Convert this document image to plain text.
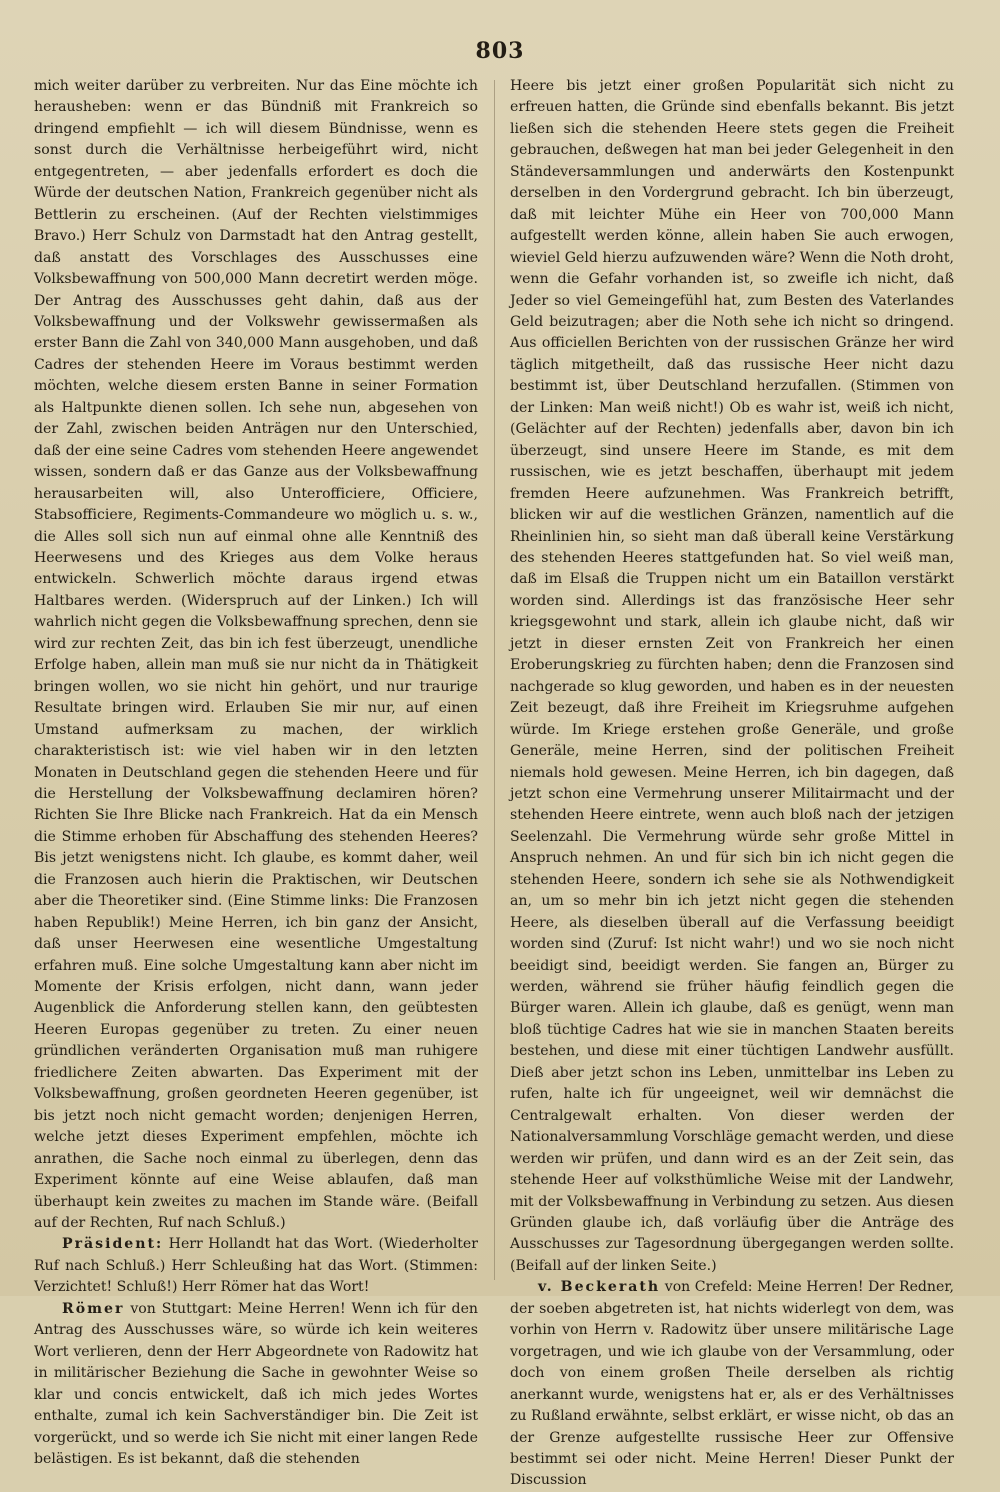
803

mich weiter darüber zu verbreiten. Nur das Eine möchte ich herausheben: wenn er das Bündniß mit Frankreich so dringend empfiehlt — ich will diesem Bündnisse, wenn es sonst durch die Verhältnisse herbeigeführt wird, nicht entgegentreten, — aber jedenfalls erfordert es doch die Würde der deutschen Nation, Frankreich gegenüber nicht als Bettlerin zu erscheinen. (Auf der Rechten vielstimmiges Bravo.) Herr Schulz von Darmstadt hat den Antrag gestellt, daß anstatt des Vorschlages des Ausschusses eine Volksbewaffnung von 500,000 Mann decretirt werden möge. Der Antrag des Ausschusses geht dahin, daß aus der Volksbewaffnung und der Volkswehr gewissermaßen als erster Bann die Zahl von 340,000 Mann ausgehoben, und daß Cadres der stehenden Heere im Voraus bestimmt werden möchten, welche diesem ersten Banne in seiner Formation als Haltpunkte dienen sollen. Ich sehe nun, abgesehen von der Zahl, zwischen beiden Anträgen nur den Unterschied, daß der eine seine Cadres vom stehenden Heere angewendet wissen, sondern daß er das Ganze aus der Volksbewaffnung herausarbeiten will, also Unterofficiere, Officiere, Stabsofficiere, Regiments-Commandeure wo möglich u. s. w., die Alles soll sich nun auf einmal ohne alle Kenntniß des Heerwesens und des Krieges aus dem Volke heraus entwickeln. Schwerlich möchte daraus irgend etwas Haltbares werden. (Widerspruch auf der Linken.) Ich will wahrlich nicht gegen die Volksbewaffnung sprechen, denn sie wird zur rechten Zeit, das bin ich fest überzeugt, unendliche Erfolge haben, allein man muß sie nur nicht da in Thätigkeit bringen wollen, wo sie nicht hin gehört, und nur traurige Resultate bringen wird. Erlauben Sie mir nur, auf einen Umstand aufmerksam zu machen, der wirklich charakteristisch ist: wie viel haben wir in den letzten Monaten in Deutschland gegen die stehenden Heere und für die Herstellung der Volksbewaffnung declamiren hören? Richten Sie Ihre Blicke nach Frankreich. Hat da ein Mensch die Stimme erhoben für Abschaffung des stehenden Heeres? Bis jetzt wenigstens nicht. Ich glaube, es kommt daher, weil die Franzosen auch hierin die Praktischen, wir Deutschen aber die Theoretiker sind. (Eine Stimme links: Die Franzosen haben Republik!) Meine Herren, ich bin ganz der Ansicht, daß unser Heerwesen eine wesentliche Umgestaltung erfahren muß. Eine solche Umgestaltung kann aber nicht im Momente der Krisis erfolgen, nicht dann, wann jeder Augenblick die Anforderung stellen kann, den geübtesten Heeren Europas gegenüber zu treten. Zu einer neuen gründlichen veränderten Organisation muß man ruhigere friedlichere Zeiten abwarten. Das Experiment mit der Volksbewaffnung, großen geordneten Heeren gegenüber, ist bis jetzt noch nicht gemacht worden; denjenigen Herren, welche jetzt dieses Experiment empfehlen, möchte ich anrathen, die Sache noch einmal zu überlegen, denn das Experiment könnte auf eine Weise ablaufen, daß man überhaupt kein zweites zu machen im Stande wäre. (Beifall auf der Rechten, Ruf nach Schluß.)

Präsident: Herr Hollandt hat das Wort. (Wiederholter Ruf nach Schluß.) Herr Schleußing hat das Wort. (Stimmen: Verzichtet! Schluß!) Herr Römer hat das Wort!

Römer von Stuttgart: Meine Herren! Wenn ich für den Antrag des Ausschusses wäre, so würde ich kein weiteres Wort verlieren, denn der Herr Abgeordnete von Radowitz hat in militärischer Beziehung die Sache in gewohnter Weise so klar und concis entwickelt, daß ich mich jedes Wortes enthalte, zumal ich kein Sachverständiger bin. Die Zeit ist vorgerückt, und so werde ich Sie nicht mit einer langen Rede belästigen. Es ist bekannt, daß die stehenden

Heere bis jetzt einer großen Popularität sich nicht zu erfreuen hatten, die Gründe sind ebenfalls bekannt. Bis jetzt ließen sich die stehenden Heere stets gegen die Freiheit gebrauchen, deßwegen hat man bei jeder Gelegenheit in den Ständeversammlungen und anderwärts den Kostenpunkt derselben in den Vordergrund gebracht. Ich bin überzeugt, daß mit leichter Mühe ein Heer von 700,000 Mann aufgestellt werden könne, allein haben Sie auch erwogen, wieviel Geld hierzu aufzuwenden wäre? Wenn die Noth droht, wenn die Gefahr vorhanden ist, so zweifle ich nicht, daß Jeder so viel Gemeingefühl hat, zum Besten des Vaterlandes Geld beizutragen; aber die Noth sehe ich nicht so dringend. Aus officiellen Berichten von der russischen Gränze her wird täglich mitgetheilt, daß das russische Heer nicht dazu bestimmt ist, über Deutschland herzufallen. (Stimmen von der Linken: Man weiß nicht!) Ob es wahr ist, weiß ich nicht, (Gelächter auf der Rechten) jedenfalls aber, davon bin ich überzeugt, sind unsere Heere im Stande, es mit dem russischen, wie es jetzt beschaffen, überhaupt mit jedem fremden Heere aufzunehmen. Was Frankreich betrifft, blicken wir auf die westlichen Gränzen, namentlich auf die Rheinlinien hin, so sieht man daß überall keine Verstärkung des stehenden Heeres stattgefunden hat. So viel weiß man, daß im Elsaß die Truppen nicht um ein Bataillon verstärkt worden sind. Allerdings ist das französische Heer sehr kriegsgewohnt und stark, allein ich glaube nicht, daß wir jetzt in dieser ernsten Zeit von Frankreich her einen Eroberungskrieg zu fürchten haben; denn die Franzosen sind nachgerade so klug geworden, und haben es in der neuesten Zeit bezeugt, daß ihre Freiheit im Kriegsruhme aufgehen würde. Im Kriege erstehen große Generäle, und große Generäle, meine Herren, sind der politischen Freiheit niemals hold gewesen. Meine Herren, ich bin dagegen, daß jetzt schon eine Vermehrung unserer Militairmacht und der stehenden Heere eintrete, wenn auch bloß nach der jetzigen Seelenzahl. Die Vermehrung würde sehr große Mittel in Anspruch nehmen. An und für sich bin ich nicht gegen die stehenden Heere, sondern ich sehe sie als Nothwendigkeit an, um so mehr bin ich jetzt nicht gegen die stehenden Heere, als dieselben überall auf die Verfassung beeidigt worden sind (Zuruf: Ist nicht wahr!) und wo sie noch nicht beeidigt sind, beeidigt werden. Sie fangen an, Bürger zu werden, während sie früher häufig feindlich gegen die Bürger waren. Allein ich glaube, daß es genügt, wenn man bloß tüchtige Cadres hat wie sie in manchen Staaten bereits bestehen, und diese mit einer tüchtigen Landwehr ausfüllt. Dieß aber jetzt schon ins Leben, unmittelbar ins Leben zu rufen, halte ich für ungeeignet, weil wir demnächst die Centralgewalt erhalten. Von dieser werden der Nationalversammlung Vorschläge gemacht werden, und diese werden wir prüfen, und dann wird es an der Zeit sein, das stehende Heer auf volksthümliche Weise mit der Landwehr, mit der Volksbewaffnung in Verbindung zu setzen. Aus diesen Gründen glaube ich, daß vorläufig über die Anträge des Ausschusses zur Tagesordnung übergegangen werden sollte. (Beifall auf der linken Seite.)

v. Beckerath von Crefeld: Meine Herren! Der Redner, der soeben abgetreten ist, hat nichts widerlegt von dem, was vorhin von Herrn v. Radowitz über unsere militärische Lage vorgetragen, und wie ich glaube von der Versammlung, oder doch von einem großen Theile derselben als richtig anerkannt wurde, wenigstens hat er, als er des Verhältnisses zu Rußland erwähnte, selbst erklärt, er wisse nicht, ob das an der Grenze aufgestellte russische Heer zur Offensive bestimmt sei oder nicht. Meine Herren! Dieser Punkt der Discussion
